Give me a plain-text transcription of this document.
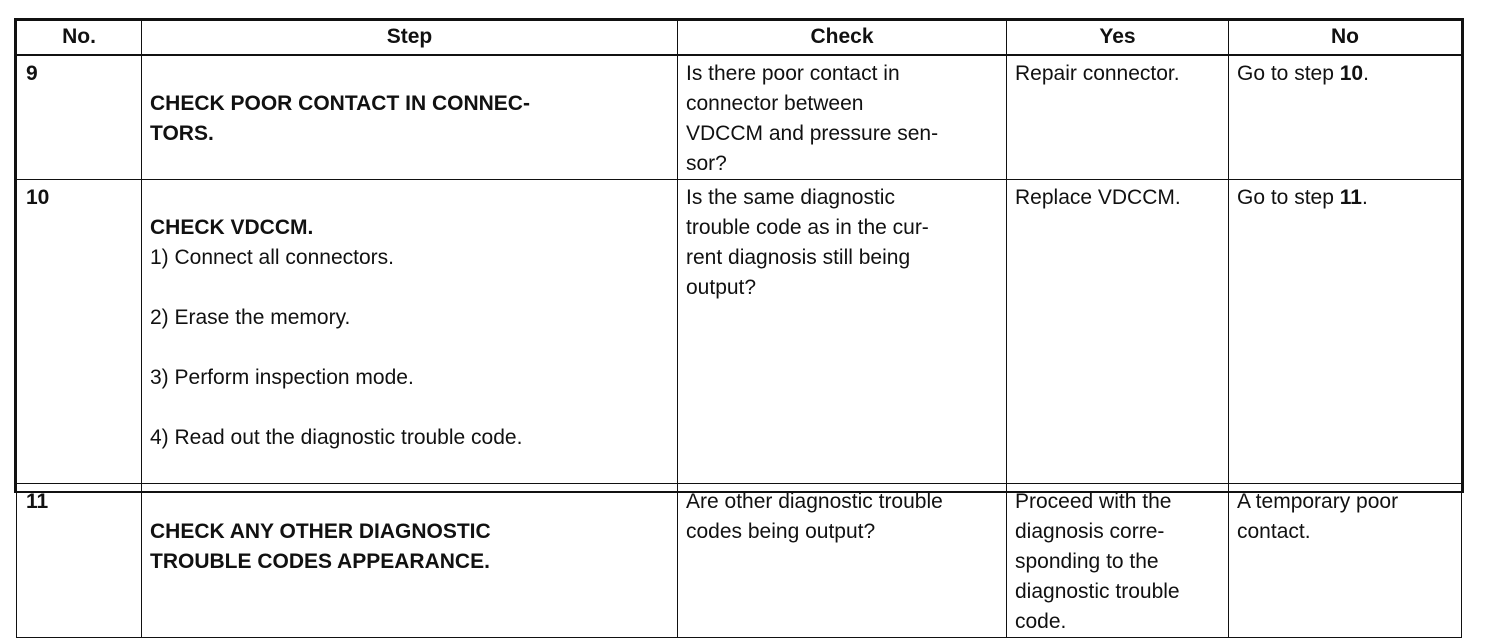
No.	Step	Check	Yes	No

9	CHECK POOR CONTACT IN CONNEC-
TORS.	Is there poor contact in
connector between
VDCCM and pressure sen-
sor?	Repair connector.	Go to step 10.

10	CHECK VDCCM.

1) Connect all connectors.

2) Erase the memory.

3) Perform inspection mode.

4) Read out the diagnostic trouble code.	Is the same diagnostic
trouble code as in the cur-
rent diagnosis still being
output?	Replace VDCCM.	Go to step 11.

11	CHECK ANY OTHER DIAGNOSTIC
TROUBLE CODES APPEARANCE.	Are other diagnostic trouble
codes being output?	Proceed with the
diagnosis corre-
sponding to the
diagnostic trouble
code.	A temporary poor
contact.
